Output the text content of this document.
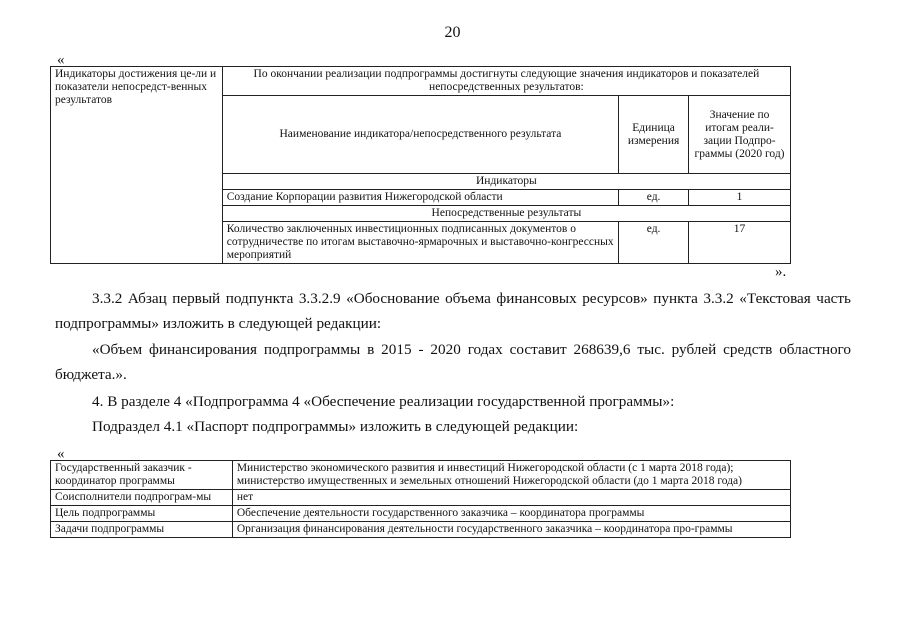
20
«
Индикаторы достижения це-ли и показатели непосредст-венных результатов	По окончании реализации подпрограммы достигнуты следующие значения индикаторов и показателей непосредственных результатов:		
	Наименование индикатора/непосредственного результата	Единица измерения	Значение по итогам реали-зации Подпро-граммы (2020 год)
	Индикаторы		
	Создание Корпорации развития Нижегородской области	ед.	1
	Непосредственные результаты		
	Количество заключенных инвестиционных подписанных документов о сотрудничестве по итогам выставочно-ярмарочных и выставочно-конгрессных мероприятий	ед.	17
».
3.3.2 Абзац первый подпункта 3.3.2.9 «Обоснование объема финансовых ресурсов» пункта 3.3.2 «Текстовая часть подпрограммы» изложить в следующей редакции:
«Объем финансирования подпрограммы в 2015 - 2020 годах составит 268639,6 тыс. рублей средств областного бюджета.».
4. В разделе 4 «Подпрограмма 4 «Обеспечение реализации государственной программы»:
Подраздел 4.1 «Паспорт подпрограммы» изложить в следующей редакции:
«
Государственный заказчик - координатор программы	Министерство экономического развития и инвестиций Нижегородской области (с 1 марта 2018 года); министерство имущественных и земельных отношений Нижегородской области (до 1 марта 2018 года)
Соисполнители подпрограм-мы	нет
Цель подпрограммы	Обеспечение деятельности государственного заказчика – координатора программы
Задачи подпрограммы	Организация финансирования деятельности государственного заказчика – координатора про-граммы
